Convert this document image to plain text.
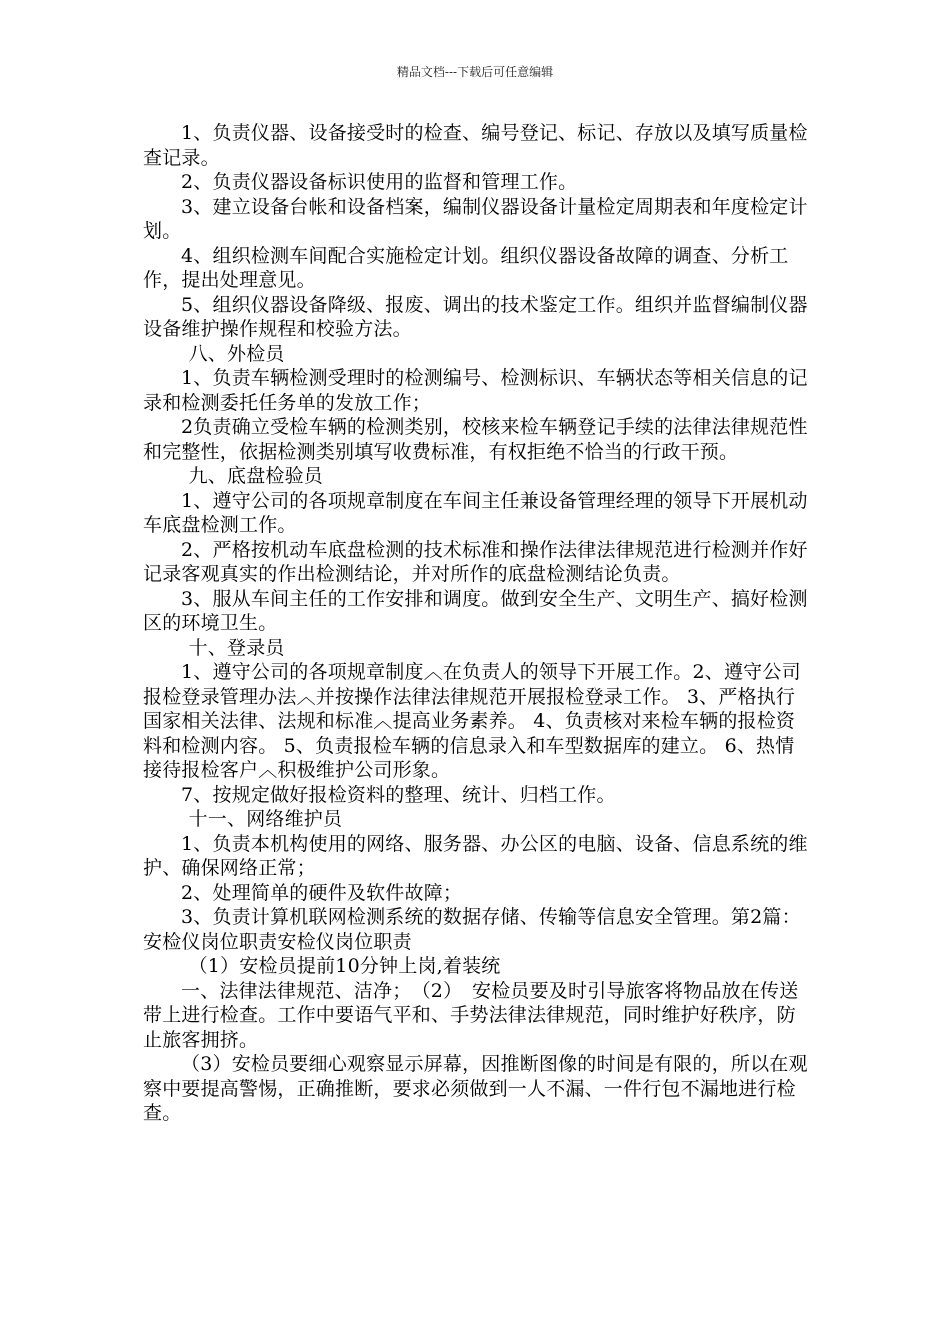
精品文档---下载后可任意编辑

1、负责仪器、设备接受时的检查、编号登记、标记、存放以及填写质量检查记录。

2、负责仪器设备标识使用的监督和管理工作。

3、建立设备台帐和设备档案，编制仪器设备计量检定周期表和年度检定计划。

4、组织检测车间配合实施检定计划。组织仪器设备故障的调查、分析工作，提出处理意见。

5、组织仪器设备降级、报废、调出的技术鉴定工作。组织并监督编制仪器设备维护操作规程和校验方法。

八、外检员

1、负责车辆检测受理时的检测编号、检测标识、车辆状态等相关信息的记录和检测委托任务单的发放工作；

2负责确立受检车辆的检测类别，校核来检车辆登记手续的法律法律规范性和完整性，依据检测类别填写收费标准，有权拒绝不恰当的行政干预。

九、底盘检验员

1、遵守公司的各项规章制度在车间主任兼设备管理经理的领导下开展机动车底盘检测工作。

2、严格按机动车底盘检测的技术标准和操作法律法律规范进行检测并作好记录客观真实的作出检测结论，并对所作的底盘检测结论负责。

3、服从车间主任的工作安排和调度。做到安全生产、文明生产、搞好检测区的环境卫生。

十、登录员

1、遵守公司的各项规章制度︿在负责人的领导下开展工作。2、遵守公司报检登录管理办法︿并按操作法律法律规范开展报检登录工作。 3、严格执行国家相关法律、法规和标准︿提高业务素养。 4、负责核对来检车辆的报检资料和检测内容。 5、负责报检车辆的信息录入和车型数据库的建立。 6、热情接待报检客户︿积极维护公司形象。

7、按规定做好报检资料的整理、统计、归档工作。

十一、网络维护员

1、负责本机构使用的网络、服务器、办公区的电脑、设备、信息系统的维护、确保网络正常；

2、处理简单的硬件及软件故障；

3、负责计算机联网检测系统的数据存储、传输等信息安全管理。第2篇：安检仪岗位职责安检仪岗位职责

（1）安检员提前10分钟上岗,着装统

一、法律法律规范、洁净；　（2）　安检员要及时引导旅客将物品放在传送带上进行检查。工作中要语气平和、手势法律法律规范，同时维护好秩序，防止旅客拥挤。

（3）安检员要细心观察显示屏幕，因推断图像的时间是有限的，所以在观察中要提高警惕，正确推断，要求必须做到一人不漏、一件行包不漏地进行检查。
